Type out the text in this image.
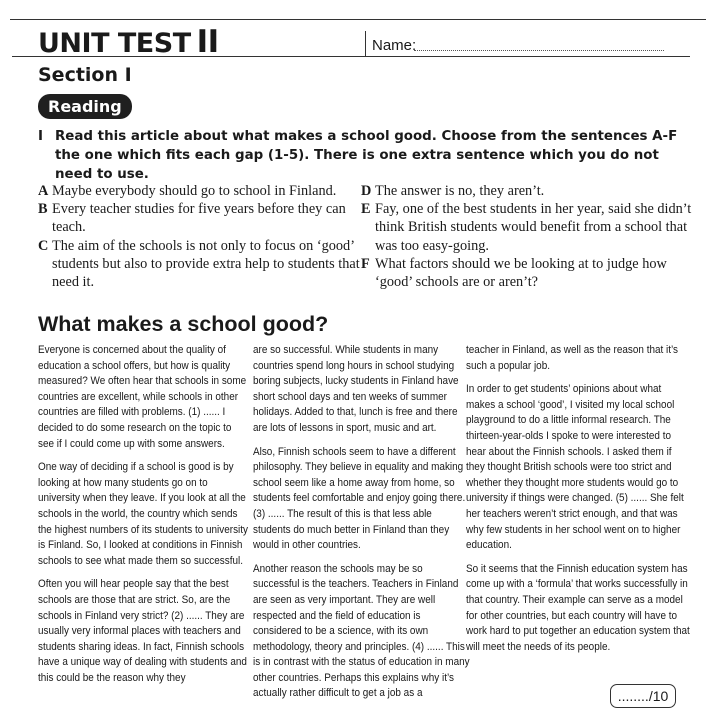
UNIT TEST II	Name:
Section I
Reading
I Read this article about what makes a school good. Choose from the sentences A-F the one which fits each gap (1-5). There is one extra sentence which you do not need to use.
A Maybe everybody should go to school in Finland.
B Every teacher studies for five years before they can teach.
C The aim of the schools is not only to focus on ‘good’ students but also to provide extra help to students that need it.
D The answer is no, they aren’t.
E Fay, one of the best students in her year, said she didn’t think British students would benefit from a school that was too easy-going.
F What factors should we be looking at to judge how ‘good’ schools are or aren’t?
What makes a school good?

Everyone is concerned about the quality of education a school offers, but how is quality measured? We often hear that schools in some countries are excellent, while schools in other countries are filled with problems. (1) ...... I decided to do some research on the topic to see if I could come up with some answers.

One way of deciding if a school is good is by looking at how many students go on to university when they leave. If you look at all the schools in the world, the country which sends the highest numbers of its students to university is Finland. So, I looked at conditions in Finnish schools to see what made them so successful.

Often you will hear people say that the best schools are those that are strict. So, are the schools in Finland very strict? (2) ...... They are usually very informal places with teachers and students sharing ideas. In fact, Finnish schools have a unique way of dealing with students and this could be the reason why they

are so successful. While students in many countries spend long hours in school studying boring subjects, lucky students in Finland have short school days and ten weeks of summer holidays. Added to that, lunch is free and there are lots of lessons in sport, music and art.

Also, Finnish schools seem to have a different philosophy. They believe in equality and making school seem like a home away from home, so students feel comfortable and enjoy going there. (3) ...... The result of this is that less able students do much better in Finland than they would in other countries.

Another reason the schools may be so successful is the teachers. Teachers in Finland are seen as very important. They are well respected and the field of education is considered to be a science, with its own methodology, theory and principles. (4) ...... This is in contrast with the status of education in many other countries. Perhaps this explains why it’s actually rather difficult to get a job as a

teacher in Finland, as well as the reason that it’s such a popular job.

In order to get students’ opinions about what makes a school ‘good’, I visited my local school playground to do a little informal research. The thirteen-year-olds I spoke to were interested to hear about the Finnish schools. I asked them if they thought British schools were too strict and whether they thought more students would go to university if things were changed. (5) ...... She felt her teachers weren’t strict enough, and that was why few students in her school went on to higher education.

So it seems that the Finnish education system has come up with a ‘formula’ that works successfully in that country. Their example can serve as a model for other countries, but each country will have to work hard to put together an education system that will meet the needs of its people.

......../10
